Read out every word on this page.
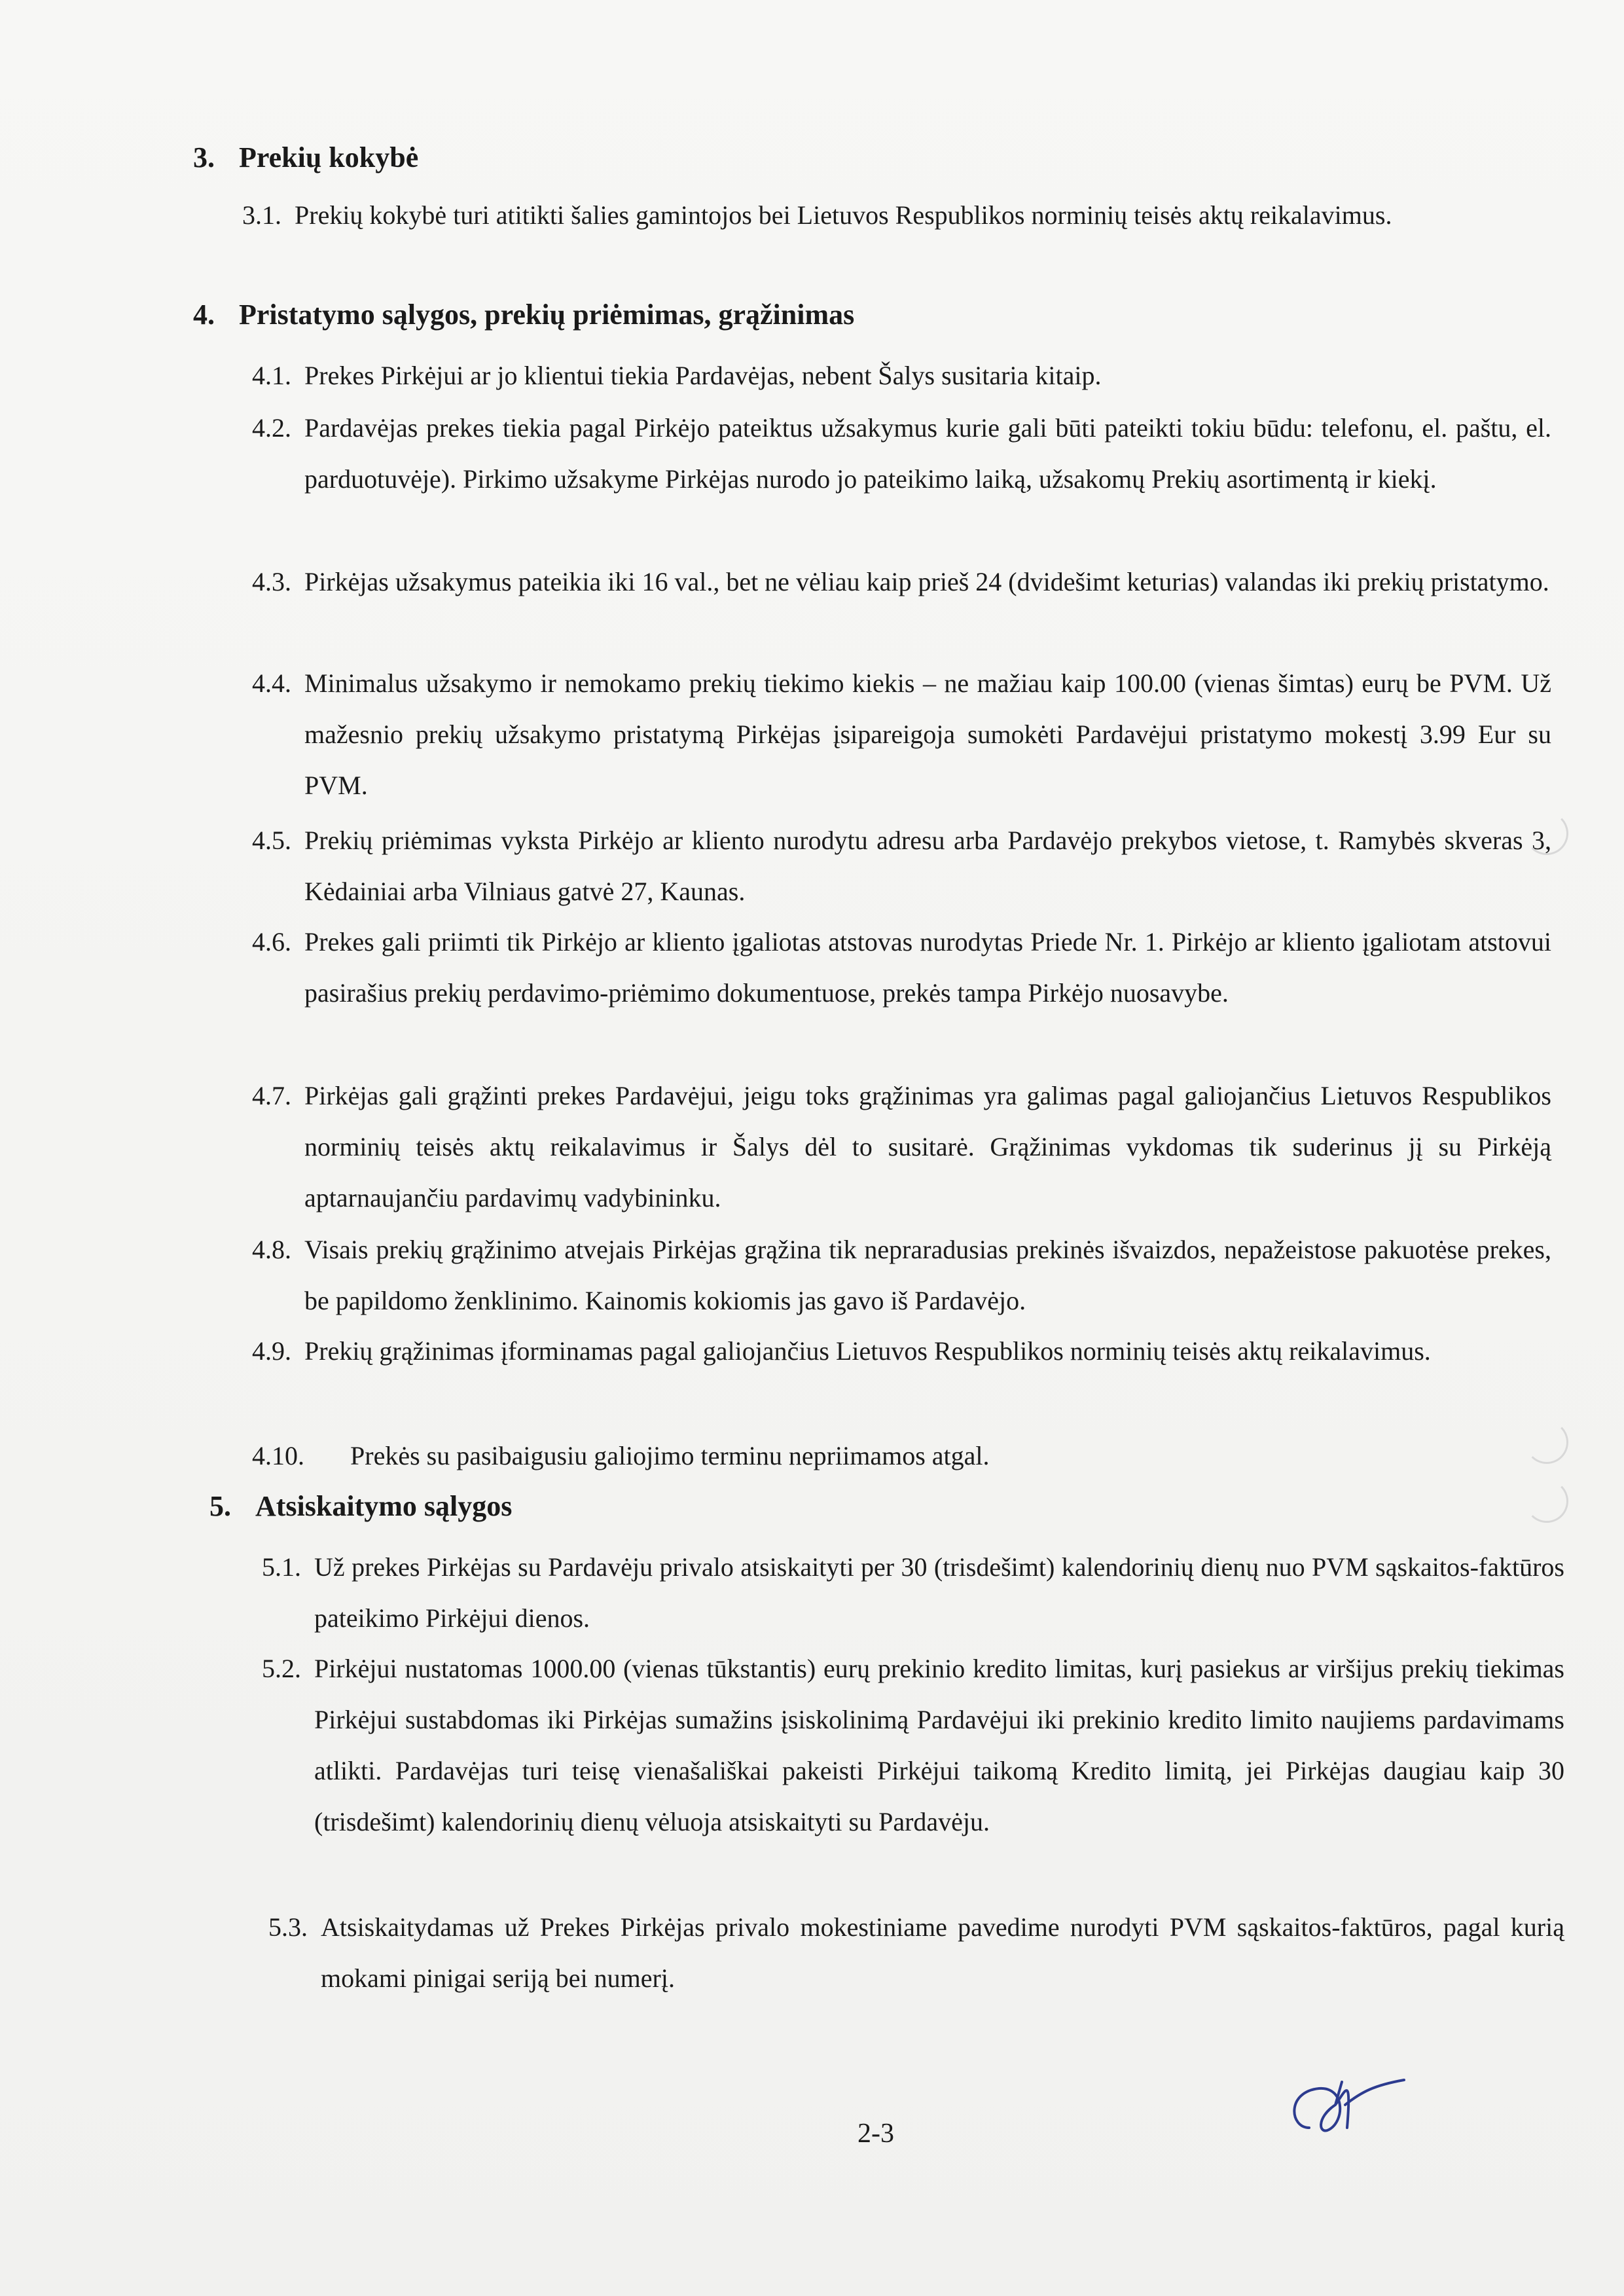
3. Prekių kokybė
3.1. Prekių kokybė turi atitikti šalies gamintojos bei Lietuvos Respublikos norminių teisės aktų reikalavimus.
4. Pristatymo sąlygos, prekių priėmimas, grąžinimas
4.1. Prekes Pirkėjui ar jo klientui tiekia Pardavėjas, nebent Šalys susitaria kitaip.
4.2. Pardavėjas prekes tiekia pagal Pirkėjo pateiktus užsakymus kurie gali būti pateikti tokiu būdu: telefonu, el. paštu, el. parduotuvėje). Pirkimo užsakyme Pirkėjas nurodo jo pateikimo laiką, užsakomų Prekių asortimentą ir kiekį.
4.3. Pirkėjas užsakymus pateikia iki 16 val., bet ne vėliau kaip prieš 24 (dvidešimt keturias) valandas iki prekių pristatymo.
4.4. Minimalus užsakymo ir nemokamo prekių tiekimo kiekis – ne mažiau kaip 100.00 (vienas šimtas) eurų be PVM. Už mažesnio prekių užsakymo pristatymą Pirkėjas įsipareigoja sumokėti Pardavėjui pristatymo mokestį 3.99 Eur su PVM.
4.5. Prekių priėmimas vyksta Pirkėjo ar kliento nurodytu adresu arba Pardavėjo prekybos vietose, t. Ramybės skveras 3, Kėdainiai arba Vilniaus gatvė 27, Kaunas.
4.6. Prekes gali priimti tik Pirkėjo ar kliento įgaliotas atstovas nurodytas Priede Nr. 1. Pirkėjo ar kliento įgaliotam atstovui pasirašius prekių perdavimo-priėmimo dokumentuose, prekės tampa Pirkėjo nuosavybe.
4.7. Pirkėjas gali grąžinti prekes Pardavėjui, jeigu toks grąžinimas yra galimas pagal galiojančius Lietuvos Respublikos norminių teisės aktų reikalavimus ir Šalys dėl to susitarė. Grąžinimas vykdomas tik suderinus jį su Pirkėją aptarnaujančiu pardavimų vadybininku.
4.8. Visais prekių grąžinimo atvejais Pirkėjas grąžina tik nepraradusias prekinės išvaizdos, nepažeistose pakuotėse prekes, be papildomo ženklinimo. Kainomis kokiomis jas gavo iš Pardavėjo.
4.9. Prekių grąžinimas įforminamas pagal galiojančius Lietuvos Respublikos norminių teisės aktų reikalavimus.
4.10. Prekės su pasibaigusiu galiojimo terminu nepriimamos atgal.
5. Atsiskaitymo sąlygos
5.1. Už prekes Pirkėjas su Pardavėju privalo atsiskaityti per 30 (trisdešimt) kalendorinių dienų nuo PVM sąskaitos-faktūros pateikimo Pirkėjui dienos.
5.2. Pirkėjui nustatomas 1000.00 (vienas tūkstantis) eurų prekinio kredito limitas, kurį pasiekus ar viršijus prekių tiekimas Pirkėjui sustabdomas iki Pirkėjas sumažins įsiskolinimą Pardavėjui iki prekinio kredito limito naujiems pardavimams atlikti. Pardavėjas turi teisę vienašališkai pakeisti Pirkėjui taikomą Kredito limitą, jei Pirkėjas daugiau kaip 30 (trisdešimt) kalendorinių dienų vėluoja atsiskaityti su Pardavėju.
5.3. Atsiskaitydamas už Prekes Pirkėjas privalo mokestiniame pavedime nurodyti PVM sąskaitos-faktūros, pagal kurią mokami pinigai seriją bei numerį.
2-3
